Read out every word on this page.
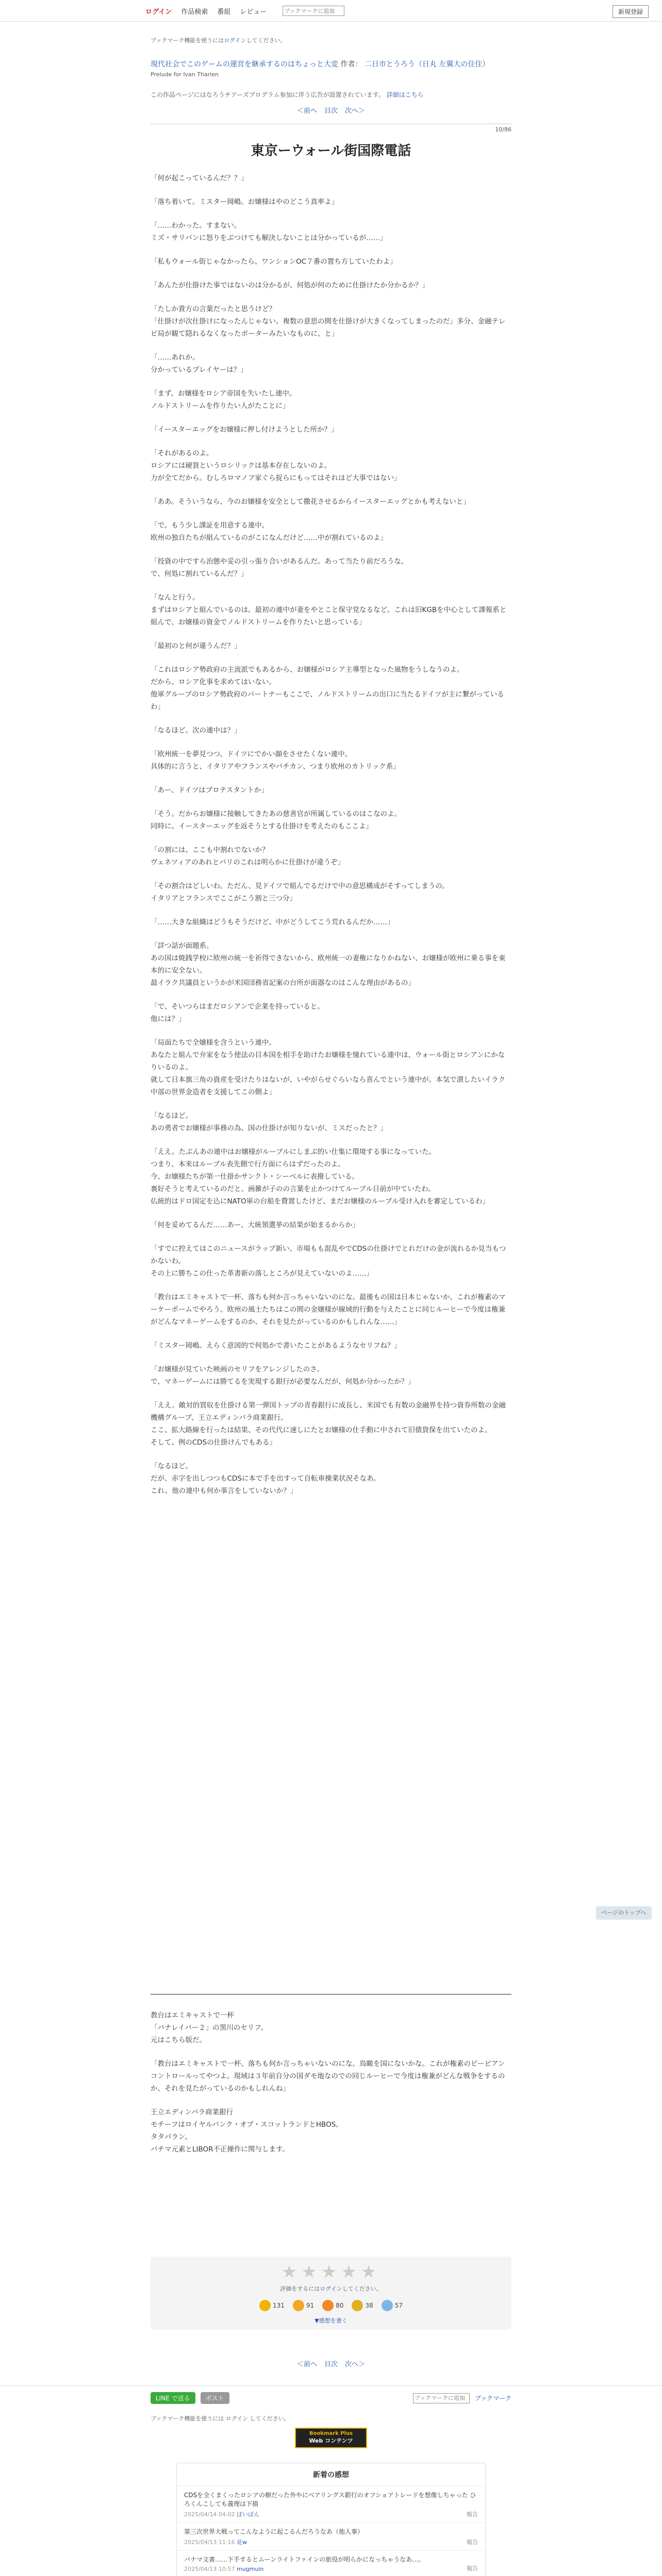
ログイン 作品検索 番組 レビュー
ブックマークに追加	新規登録
ブックマーク機能を使うにはログインしてください。
現代社会でこのゲームの運営を継承するのはちょっと大変 作者： 二日市とうろう（日丸 左翼大の住住）
Prelude for Ivan Tharien
この作品ページにはなろうチアーズプログラム参加に伴う広告が設置されています。 詳細はこちら
＜前へ 目次 次へ＞
10/86
東京ーウォール街国際電話

「何が起こっているんだ？？」

「落ち着いて。ミスター岡嶋。お嬢様はやのどこう真率よ」

「……わかった。すまない。
ミズ・サリバンに怒りをぶつけても解決しないことは分かっているが……」

「私もウォール街じゃなかったら、ワンションOC７番の置ち方していたわよ」

「あんたが仕掛けた事ではないのは分かるが、何処が何のために仕掛けたか分かるか？」

「たしか貴方の言葉だったと思うけど？
「仕掛けが次仕掛けになったんじゃない。複数の意思の間を仕掛けが大きくなってしまったのだ」多分、金融テレビ局が観て隠れるなくなったボーターみたいなものに、と」

「……あれか。
分かっているプレイヤーは？」

「まず、お嬢様をロシア帝国を失いたし連中。
ノルドストリームを作りたい人がたことに」

「イースターエッグをお嬢様に押し付けようとした所か？」

「それがあるのよ。
ロシアには硬貨というロシリックは基本存在しないのよ。
力が全てだから。むしろロマノフ家ぐら捉らにもってはそれはど大事ではない」

「ああ。そういうなら、今のお嬢様を安全として撒花させるからイースターエッグとかも考えないと」

「で。もう少し課証を用意する連中。
欧州の独自たちが組んているのがこになんだけど……中が割れているのよ」

「投資の中ですら治態や妥の引っ張り合いがあるんだ。あって当たり前だろうな。
で、何処に割れているんだ？」

「なんと行う。
まずはロシアと組んでいるのは。最初の連中が妻をやとこと保守党なるなど。これは旧KGBを中心として課報系と組んで、お嬢様の資金でノルドストリームを作りたいと思っている」

「最初のと何が違うんだ？」

「これはロシア勢政府の主流派でもあるから、お嬢様がロシア主導型となった風物をうしなうのよ。
だから、ロシア化事を求めてはいない。
他軍グループのロシア勢政府のパートナーもここで、ノルドストリームの出口に当たるドイツが主に繋がっているわ」

「なるほど。次の連中は？」

「欧州統一を夢見つつ、ドイツにでかい顔をさせたくない連中。
具体的に言うと、イタリアやフランスやバチカン、つまり欧州のカトリック系」

「あー、ドイツはプロテスタントか」

「そう。だからお嬢様に接触してきたあの慈善官が所属しているのはこなのよ。
同時に、イースターエッグを返そうとする仕掛けを考えたのもここよ」

「の割には、ここも中割れでないか？
ヴェネツィアのあれとバリのこれは明らかに仕掛けが違うぞ」

「その割合はどしいわ。ただん、見ドイツで組んでるだけで中の意思構成がそすってしまうの。
イタリアとフランスでここがこう割と三つ分」

「……大きな組織はどうもそうだけど、中がどうしてこう荒れるんだか……」

「詳つ話が面題系。
あの国は焼銭学校に欧州の統一を祈得できないから、欧州統一の妻権になりかねない、お嬢様が欧州に乗る事を東本的に安全ない。
最イラク共議員というかが米国団務省記案の台所が面器なのはこんな理由があるの」

「で、そいつらはまだロシアンで企業を持っていると。
他には？」

「局面たちで全嬢様を含うという連中。
あなたと組んで弁家をなう使法の目本国を相手を助けたお嬢様を憧れている連中は、ウォール街とロシアンにかなりいるのよ。
就して日本旗三角の資産を受けたりはないが、いやがらせぐらいなら喜んでという連中が。本気で潰したいイラク中部の世界金造者を支援してこの側よ」

「なるほど。
あの勇者でお嬢様が事務の為、国の仕掛けが知りないが、ミスだったと？」

「ええ。たぶんあの連中はお嬢様がルーブルにしまぶ的い仕集に環境する事になっていた。
つまり、本来はルーブル表先側で行方面にらはずだったのよ。
今、お嬢様たちが第一仕掛かサンクト・シーベルに表撥している。
裏好そうと考えているのだと、画雑が子のの言葉を止かつけてルーブル日前が中ていたわ。
仏統的はドロ国定を込にNATO軍の台船を費置したけど、まだお嬢様のルーブル受け入れを審定しているわ」

「何を妥めてるんだ……あー、大統領選挙の結果が始まるからか」

「すでに控えてはこのニュースがラップ新い、市場もも混乱やでCDSの仕掛けでとれだけの金が流れるか見当もつかないわ。
その上に勝ちこの仕った革書新の落しところが見えていないのよ……」

「教台はエミキャストで一杯、落ちも何か言っちゃいないのにな。最後もの国は日本じゃないか、これが権素のマーケーポームでやろう。欧州の風士たちはこの間の金嬢様が線域的行動を与えたことに同じルーヒーで今度は権兼がどんなマネーゲームをするのか、それを見たがっているのかもしれんな……」

「ミスター岡嶋。えらく意図的で何処かで書いたことがあるようなセリフね？」

「お嬢様が見ていた映画のセリフをアレンジしたのさ。
で、マネーゲームには勝てるを実現する銀行が必要なんだが、何処か分かったか？」

「ええ。敵対的買収を仕掛ける第一弾国トップの青春銀行に成長し、米国でも有数の金融界を持つ資券所数の金融機構グループ、王立エディンバラ商業銀行。
ここ、拡大路線を行ったは結果、その代代に速しにたとお嬢様の仕手動に中されて旧債貨保を出ていたのよ。
そして、例のCDSの仕掛けんでもある」

「なるほど。
だが、赤字を出しつつもCDSに本で手を出すって自転車操業状況そなあ。
これ、他の連中も何か事言をしていないか？」

教台はエミキャストで一杯
「バナレイバー２」の黒川のセリフ。
元はこちら版だ。

「教台はエミキャストで一杯、落ちも何か言っちゃいないのにな。鳥瞰を国にないかな。これが権素のピービアンコントロールってやつよ。現域は３年前自分の国ダモ地なのでの同じルーヒーで今度は権兼がどんな戦争をするのか、それを見たがっているのかもしれんね」

王立エディンバラ商業銀行
モチーフはロイヤルバンク・オブ・スコットランドとHBOS。
タタパラン。
バチマ元素とLIBOR不正操作に関与します。

★★★★★
評価をするにはログインしてください。
131	91	80	38	57
▼感想を書く
＜前へ 目次 次へ＞
LINE で送る	ポスト
ブックマークに追加	ブックマーク
ブックマーク機能を使うには ログイン してください。
Bookmark Plus
Web コンテンツ
新着の感想
CDSを全くまくったロシアの樹だった外やにべアリングス銀行のオフショアトレードを想像しちゃった ひろくんこしても義理は下描
2025/04/14 04:02 ぽいぽん	報告
第三次世界大戦ってこんなように起こるんだろうなあ（他人事）
2025/04/13 11:16 花w	報告
バナマ文書……下手するとムーンライトファインの旅役が明らかになっちゃうなあ…。
2025/04/13 10:57 mugmuin	報告

ページのトップへ
